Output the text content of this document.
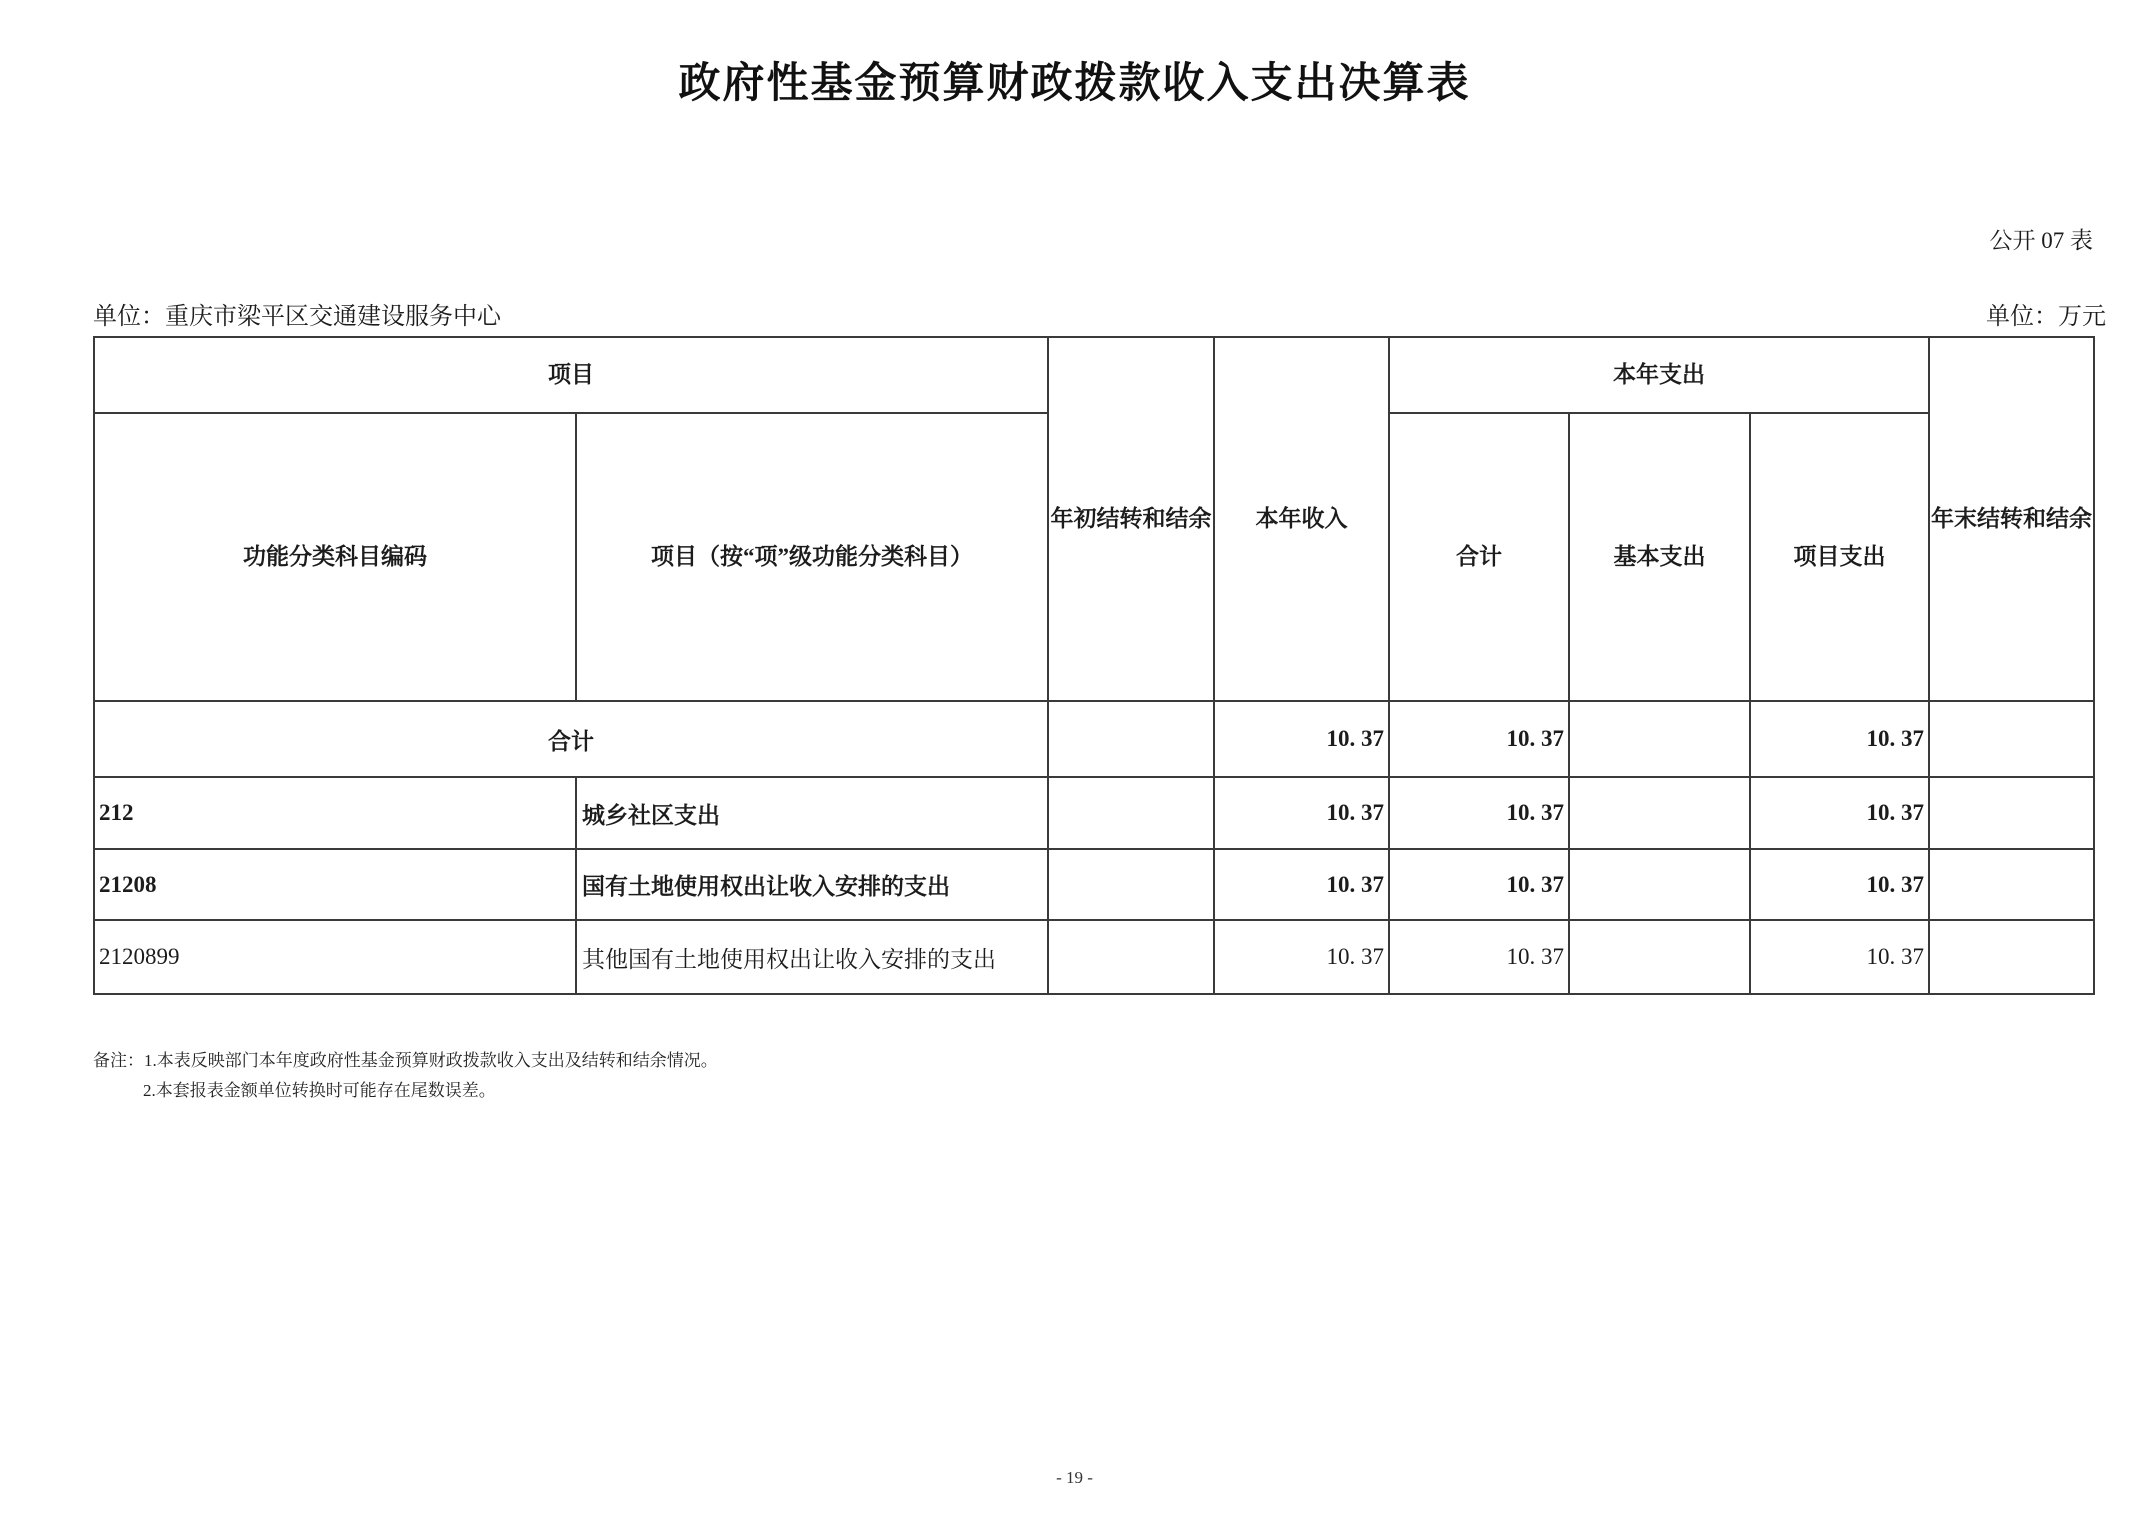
政府性基金预算财政拨款收入支出决算表
公开 07 表
单位：重庆市梁平区交通建设服务中心	单位：万元
项目		年初结转和结余	本年收入	本年支出			年末结转和结余
功能分类科目编码	项目（按“项”级功能分类科目）			合计	基本支出	项目支出	
合计			10. 37	10. 37		10. 37	
212	城乡社区支出		10. 37	10. 37		10. 37	
21208	国有土地使用权出让收入安排的支出		10. 37	10. 37		10. 37	
2120899	其他国有土地使用权出让收入安排的支出		10. 37	10. 37		10. 37	
备注：1.本表反映部门本年度政府性基金预算财政拨款收入支出及结转和结余情况。
2.本套报表金额单位转换时可能存在尾数误差。
- 19 -
